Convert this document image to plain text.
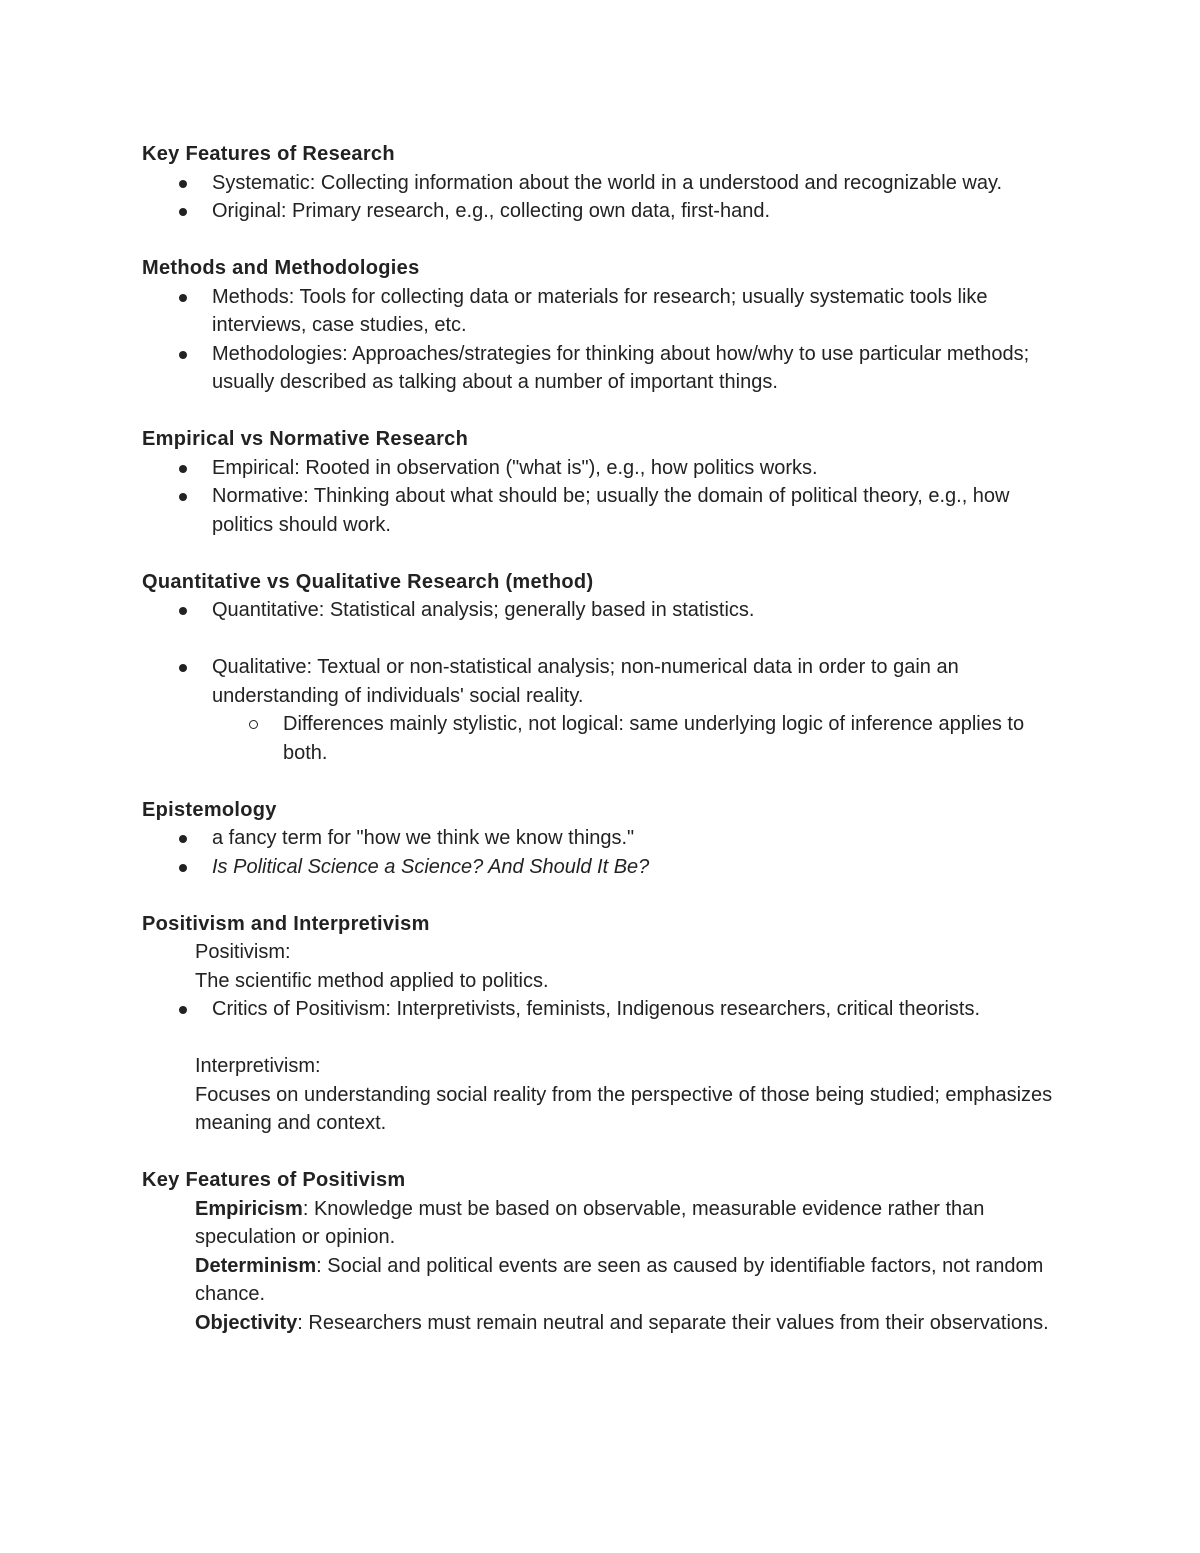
Key Features of Research
Systematic: Collecting information about the world in a understood and recognizable way.
Original: Primary research, e.g., collecting own data, first-hand.
Methods and Methodologies
Methods: Tools for collecting data or materials for research; usually systematic tools like interviews, case studies, etc.
Methodologies: Approaches/strategies for thinking about how/why to use particular methods; usually described as talking about a number of important things.
Empirical vs Normative Research
Empirical: Rooted in observation ("what is"), e.g., how politics works.
Normative: Thinking about what should be; usually the domain of political theory, e.g., how politics should work.
Quantitative vs Qualitative Research (method)
Quantitative: Statistical analysis; generally based in statistics.
Qualitative: Textual or non-statistical analysis; non-numerical data in order to gain an understanding of individuals' social reality.
Differences mainly stylistic, not logical: same underlying logic of inference applies to both.
Epistemology
a fancy term for "how we think we know things."
Is Political Science a Science? And Should It Be?
Positivism and Interpretivism
Positivism:
The scientific method applied to politics.
Critics of Positivism: Interpretivists, feminists, Indigenous researchers, critical theorists.
Interpretivism:
Focuses on understanding social reality from the perspective of those being studied; emphasizes meaning and context.
Key Features of Positivism
Empiricism: Knowledge must be based on observable, measurable evidence rather than speculation or opinion.
Determinism: Social and political events are seen as caused by identifiable factors, not random chance.
Objectivity: Researchers must remain neutral and separate their values from their observations.
